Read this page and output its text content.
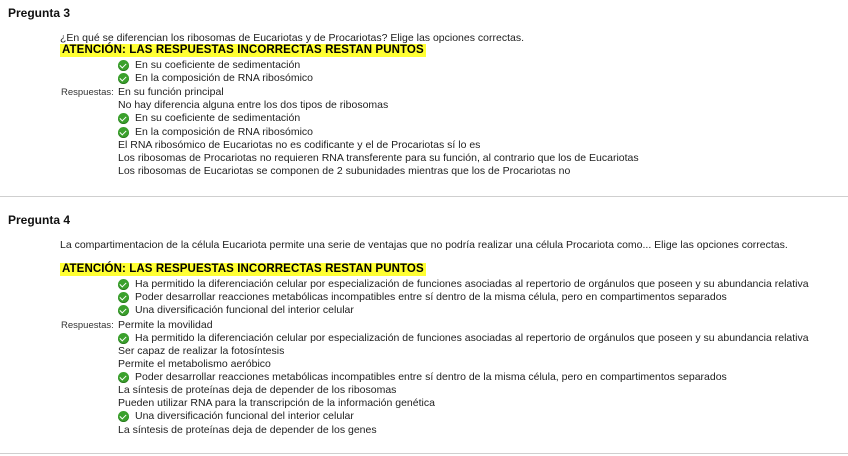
Pregunta 3
¿En qué se diferencian los ribosomas de Eucariotas y de Procariotas? Elige las opciones correctas.
ATENCIÓN: LAS RESPUESTAS INCORRECTAS RESTAN PUNTOS
En su coeficiente de sedimentación
En la composición de RNA ribosómico
Respuestas: En su función principal
No hay diferencia alguna entre los dos tipos de ribosomas
En su coeficiente de sedimentación
En la composición de RNA ribosómico
El RNA ribosómico de Eucariotas no es codificante y el de Procariotas sí lo es
Los ribosomas de Procariotas no requieren RNA transferente para su función, al contrario que los de Eucariotas
Los ribosomas de Eucariotas se componen de 2 subunidades mientras que los de Procariotas no
Pregunta 4
La compartimentacion de la célula Eucariota permite una serie de ventajas que no podría realizar una célula Procariota como... Elige las opciones correctas.
ATENCIÓN: LAS RESPUESTAS INCORRECTAS RESTAN PUNTOS
Ha permitido la diferenciación celular por especialización de funciones asociadas al repertorio de orgánulos que poseen y su abundancia relativa
Poder desarrollar reacciones metabólicas incompatibles entre sí dentro de la misma célula, pero en compartimentos separados
Una diversificación funcional del interior celular
Respuestas: Permite la movilidad
Ha permitido la diferenciación celular por especialización de funciones asociadas al repertorio de orgánulos que poseen y su abundancia relativa
Ser capaz de realizar la fotosíntesis
Permite el metabolismo aeróbico
Poder desarrollar reacciones metabólicas incompatibles entre sí dentro de la misma célula, pero en compartimentos separados
La síntesis de proteínas deja de depender de los ribosomas
Pueden utilizar RNA para la transcripción de la información genética
Una diversificación funcional del interior celular
La síntesis de proteínas deja de depender de los genes
